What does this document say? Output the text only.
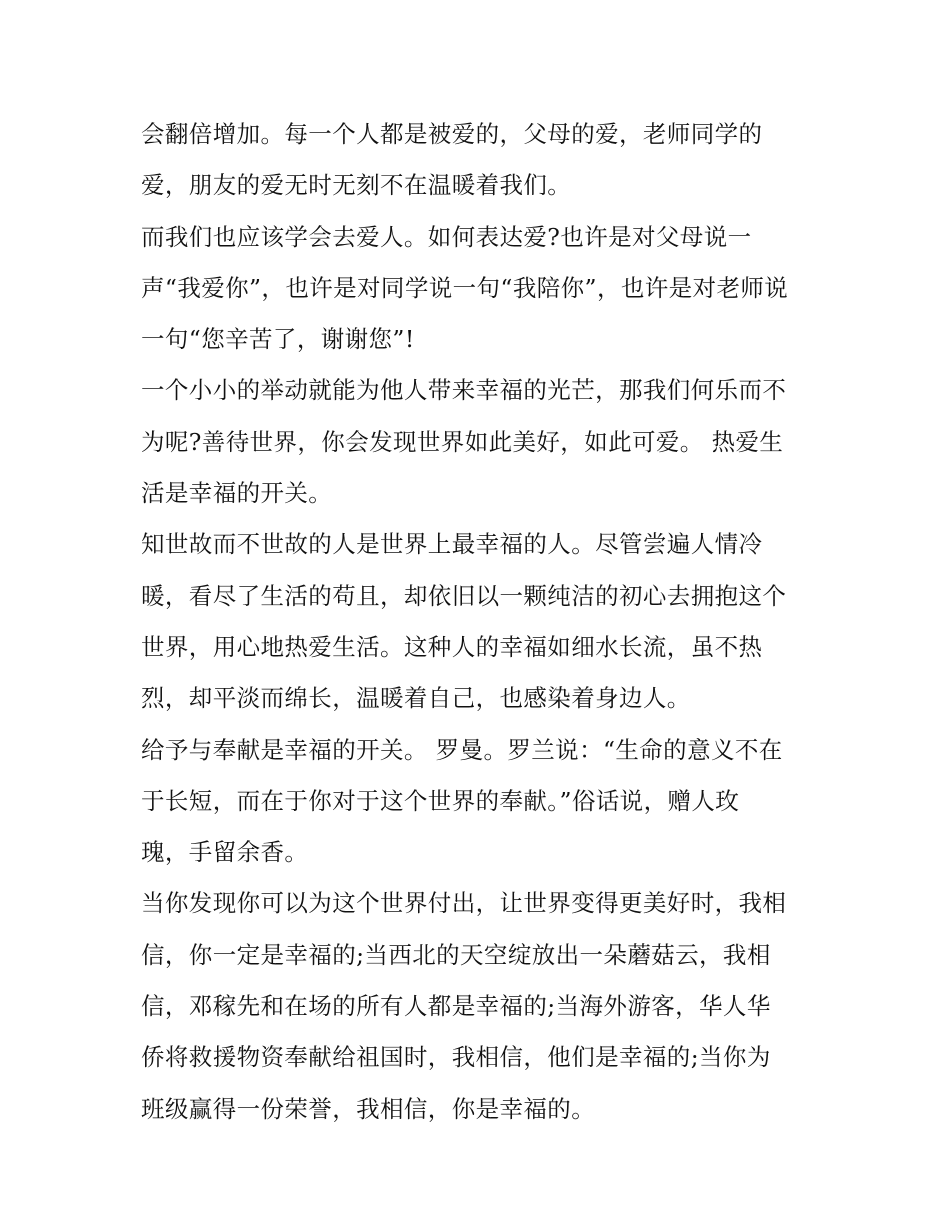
会翻倍增加。每一个人都是被爱的，父母的爱，老师同学的
爱，朋友的爱无时无刻不在温暖着我们。
而我们也应该学会去爱人。如何表达爱?也许是对父母说一
声“我爱你”，也许是对同学说一句“我陪你”，也许是对老师说
一句“您辛苦了，谢谢您”!
一个小小的举动就能为他人带来幸福的光芒，那我们何乐而不
为呢?善待世界，你会发现世界如此美好，如此可爱。 热爱生
活是幸福的开关。
知世故而不世故的人是世界上最幸福的人。尽管尝遍人情冷
暖，看尽了生活的苟且，却依旧以一颗纯洁的初心去拥抱这个
世界，用心地热爱生活。这种人的幸福如细水长流，虽不热
烈，却平淡而绵长，温暖着自己，也感染着身边人。
给予与奉献是幸福的开关。 罗曼。罗兰说：“生命的意义不在
于长短，而在于你对于这个世界的奉献。”俗话说，赠人玫
瑰，手留余香。
当你发现你可以为这个世界付出，让世界变得更美好时，我相
信，你一定是幸福的;当西北的天空绽放出一朵蘑菇云，我相
信，邓稼先和在场的所有人都是幸福的;当海外游客，华人华
侨将救援物资奉献给祖国时，我相信，他们是幸福的;当你为
班级赢得一份荣誉，我相信，你是幸福的。
